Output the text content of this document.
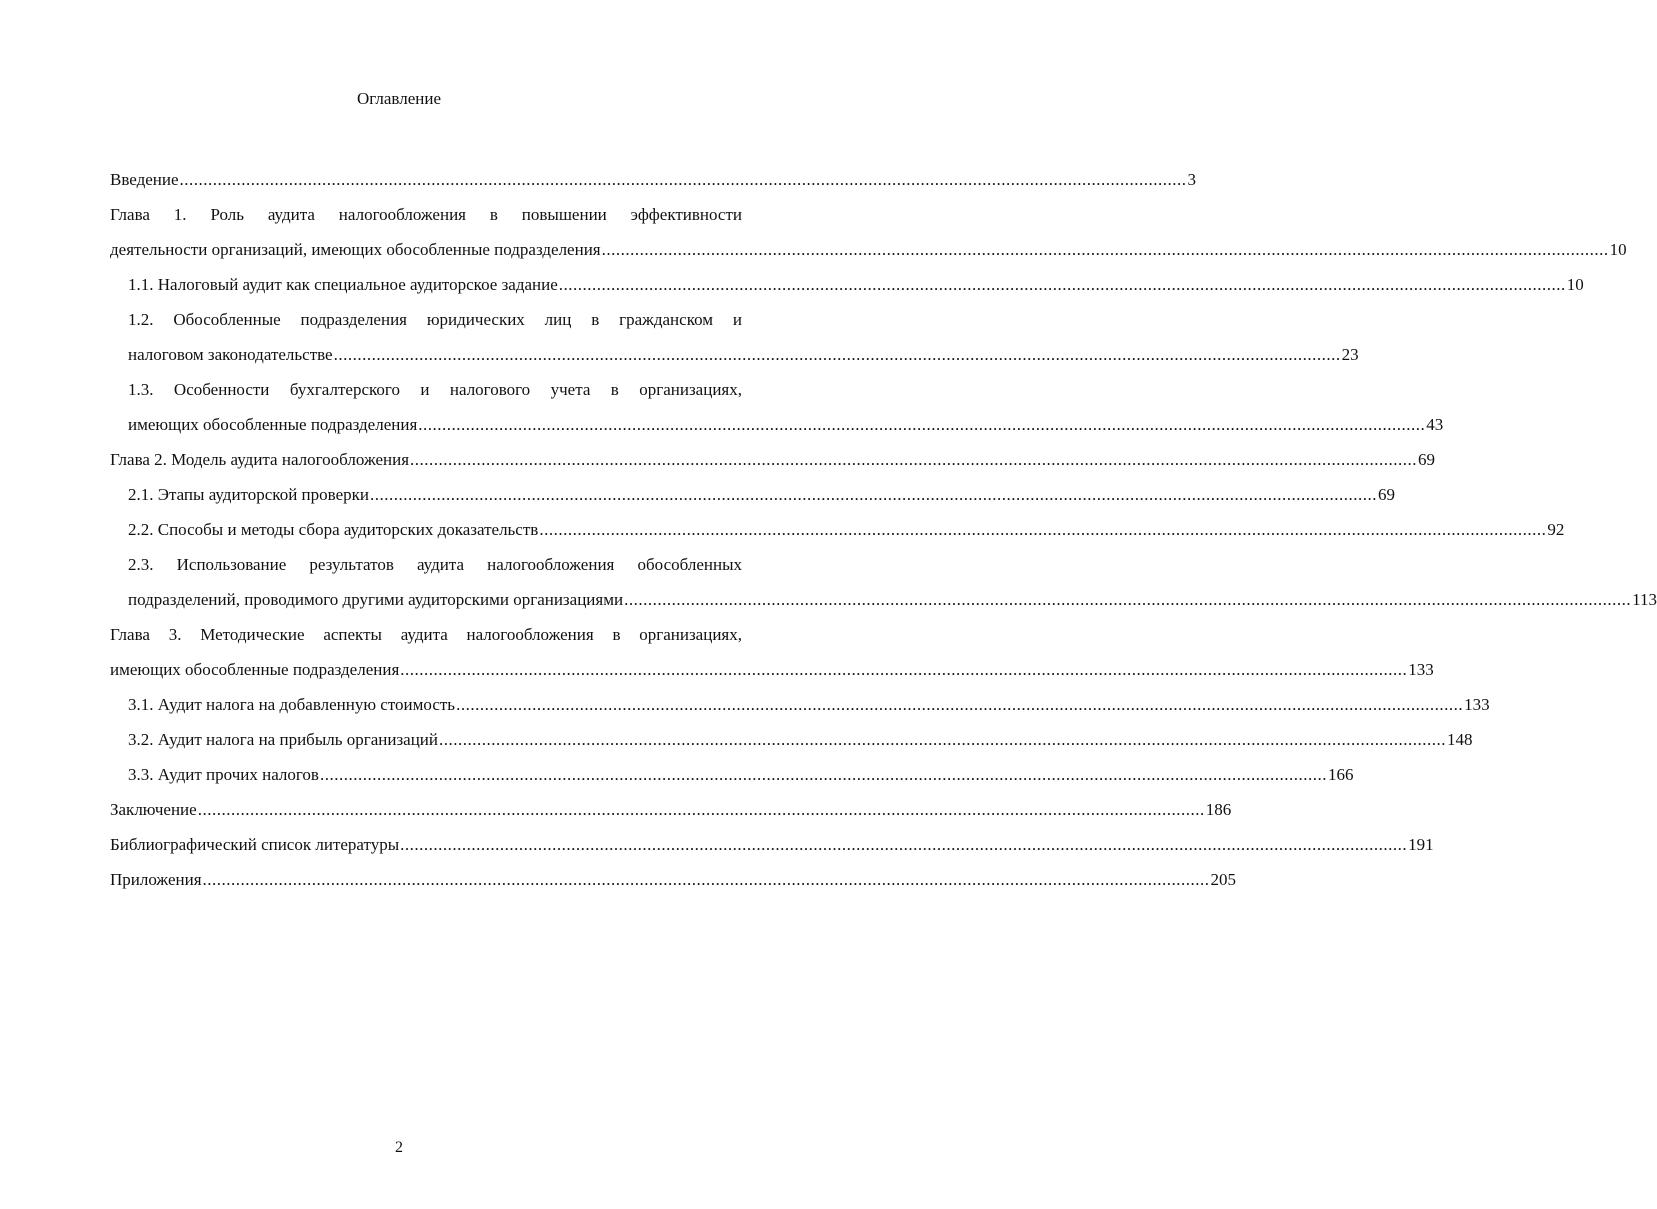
Оглавление
Введение .................................................................................................................................................................................................................... 3
Глава 1. Роль аудита налогообложения в повышении эффективности
деятельности организаций, имеющих обособленные подразделения .................................................................................................................................................................................................................... 10
1.1. Налоговый аудит как специальное аудиторское задание .................................................................................................................................................................................................................... 10
1.2. Обособленные подразделения юридических лиц в гражданском и
налоговом законодательстве .................................................................................................................................................................................................................... 23
1.3. Особенности бухгалтерского и налогового учета в организациях,
имеющих обособленные подразделения .................................................................................................................................................................................................................... 43
Глава 2. Модель аудита налогообложения .................................................................................................................................................................................................................... 69
2.1. Этапы аудиторской проверки .................................................................................................................................................................................................................... 69
2.2. Способы и методы сбора аудиторских доказательств .................................................................................................................................................................................................................... 92
2.3. Использование результатов аудита налогообложения обособленных
подразделений, проводимого другими аудиторскими организациями .................................................................................................................................................................................................................... 113
Глава 3. Методические аспекты аудита налогообложения в организациях,
имеющих обособленные подразделения .................................................................................................................................................................................................................... 133
3.1. Аудит налога на добавленную стоимость .................................................................................................................................................................................................................... 133
3.2. Аудит налога на прибыль организаций .................................................................................................................................................................................................................... 148
3.3. Аудит прочих налогов .................................................................................................................................................................................................................... 166
Заключение .................................................................................................................................................................................................................... 186
Библиографический список литературы .................................................................................................................................................................................................................... 191
Приложения .................................................................................................................................................................................................................... 205
2
